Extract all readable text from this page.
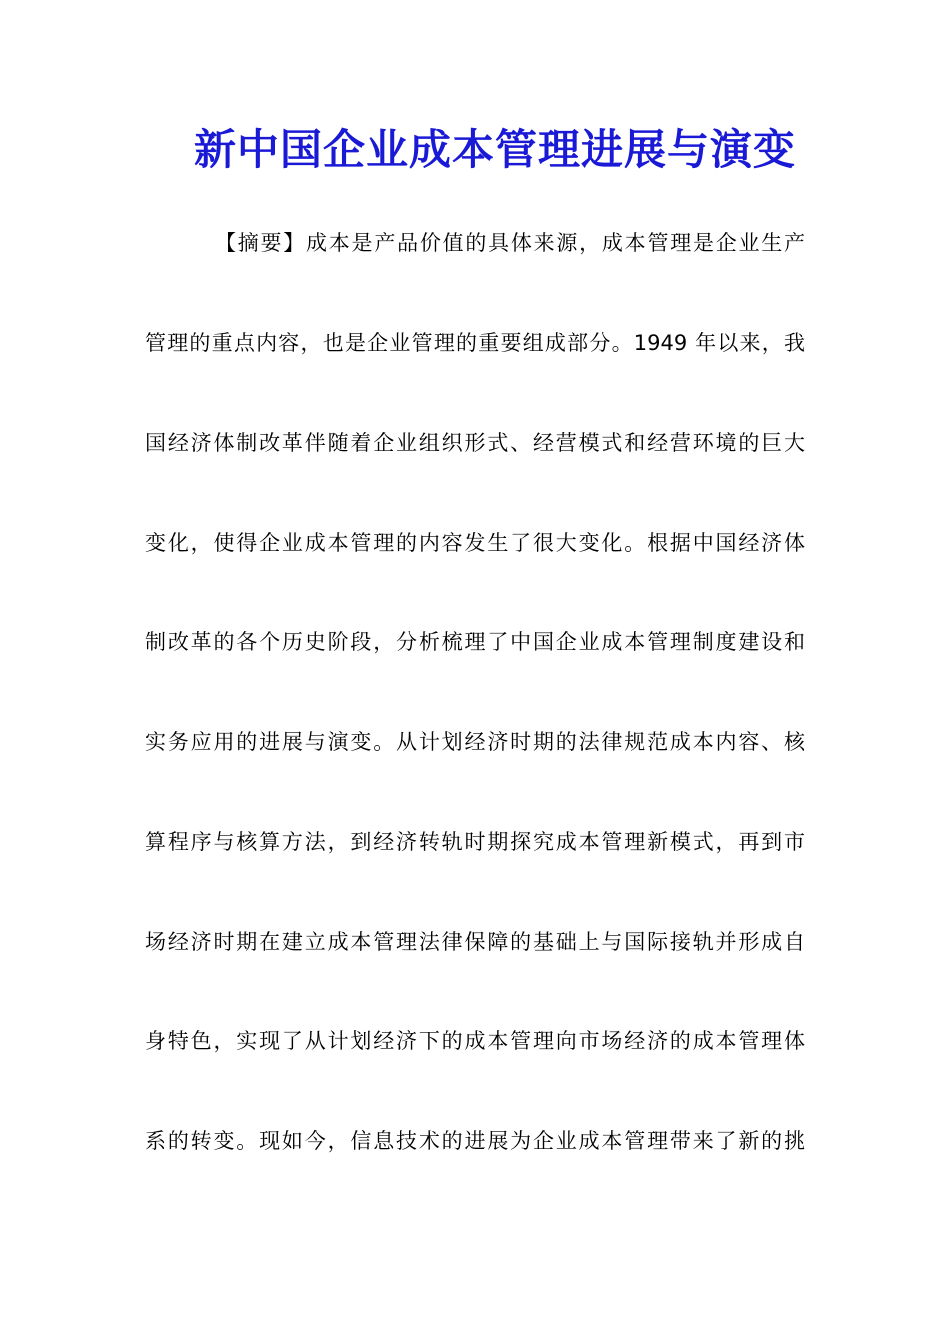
新中国企业成本管理进展与演变
【摘要】成本是产品价值的具体来源，成本管理是企业生产
管理的重点内容，也是企业管理的重要组成部分。1949 年以来，我
国经济体制改革伴随着企业组织形式、经营模式和经营环境的巨大
变化，使得企业成本管理的内容发生了很大变化。根据中国经济体
制改革的各个历史阶段，分析梳理了中国企业成本管理制度建设和
实务应用的进展与演变。从计划经济时期的法律规范成本内容、核
算程序与核算方法，到经济转轨时期探究成本管理新模式，再到市
场经济时期在建立成本管理法律保障的基础上与国际接轨并形成自
身特色，实现了从计划经济下的成本管理向市场经济的成本管理体
系的转变。现如今，信息技术的进展为企业成本管理带来了新的挑
